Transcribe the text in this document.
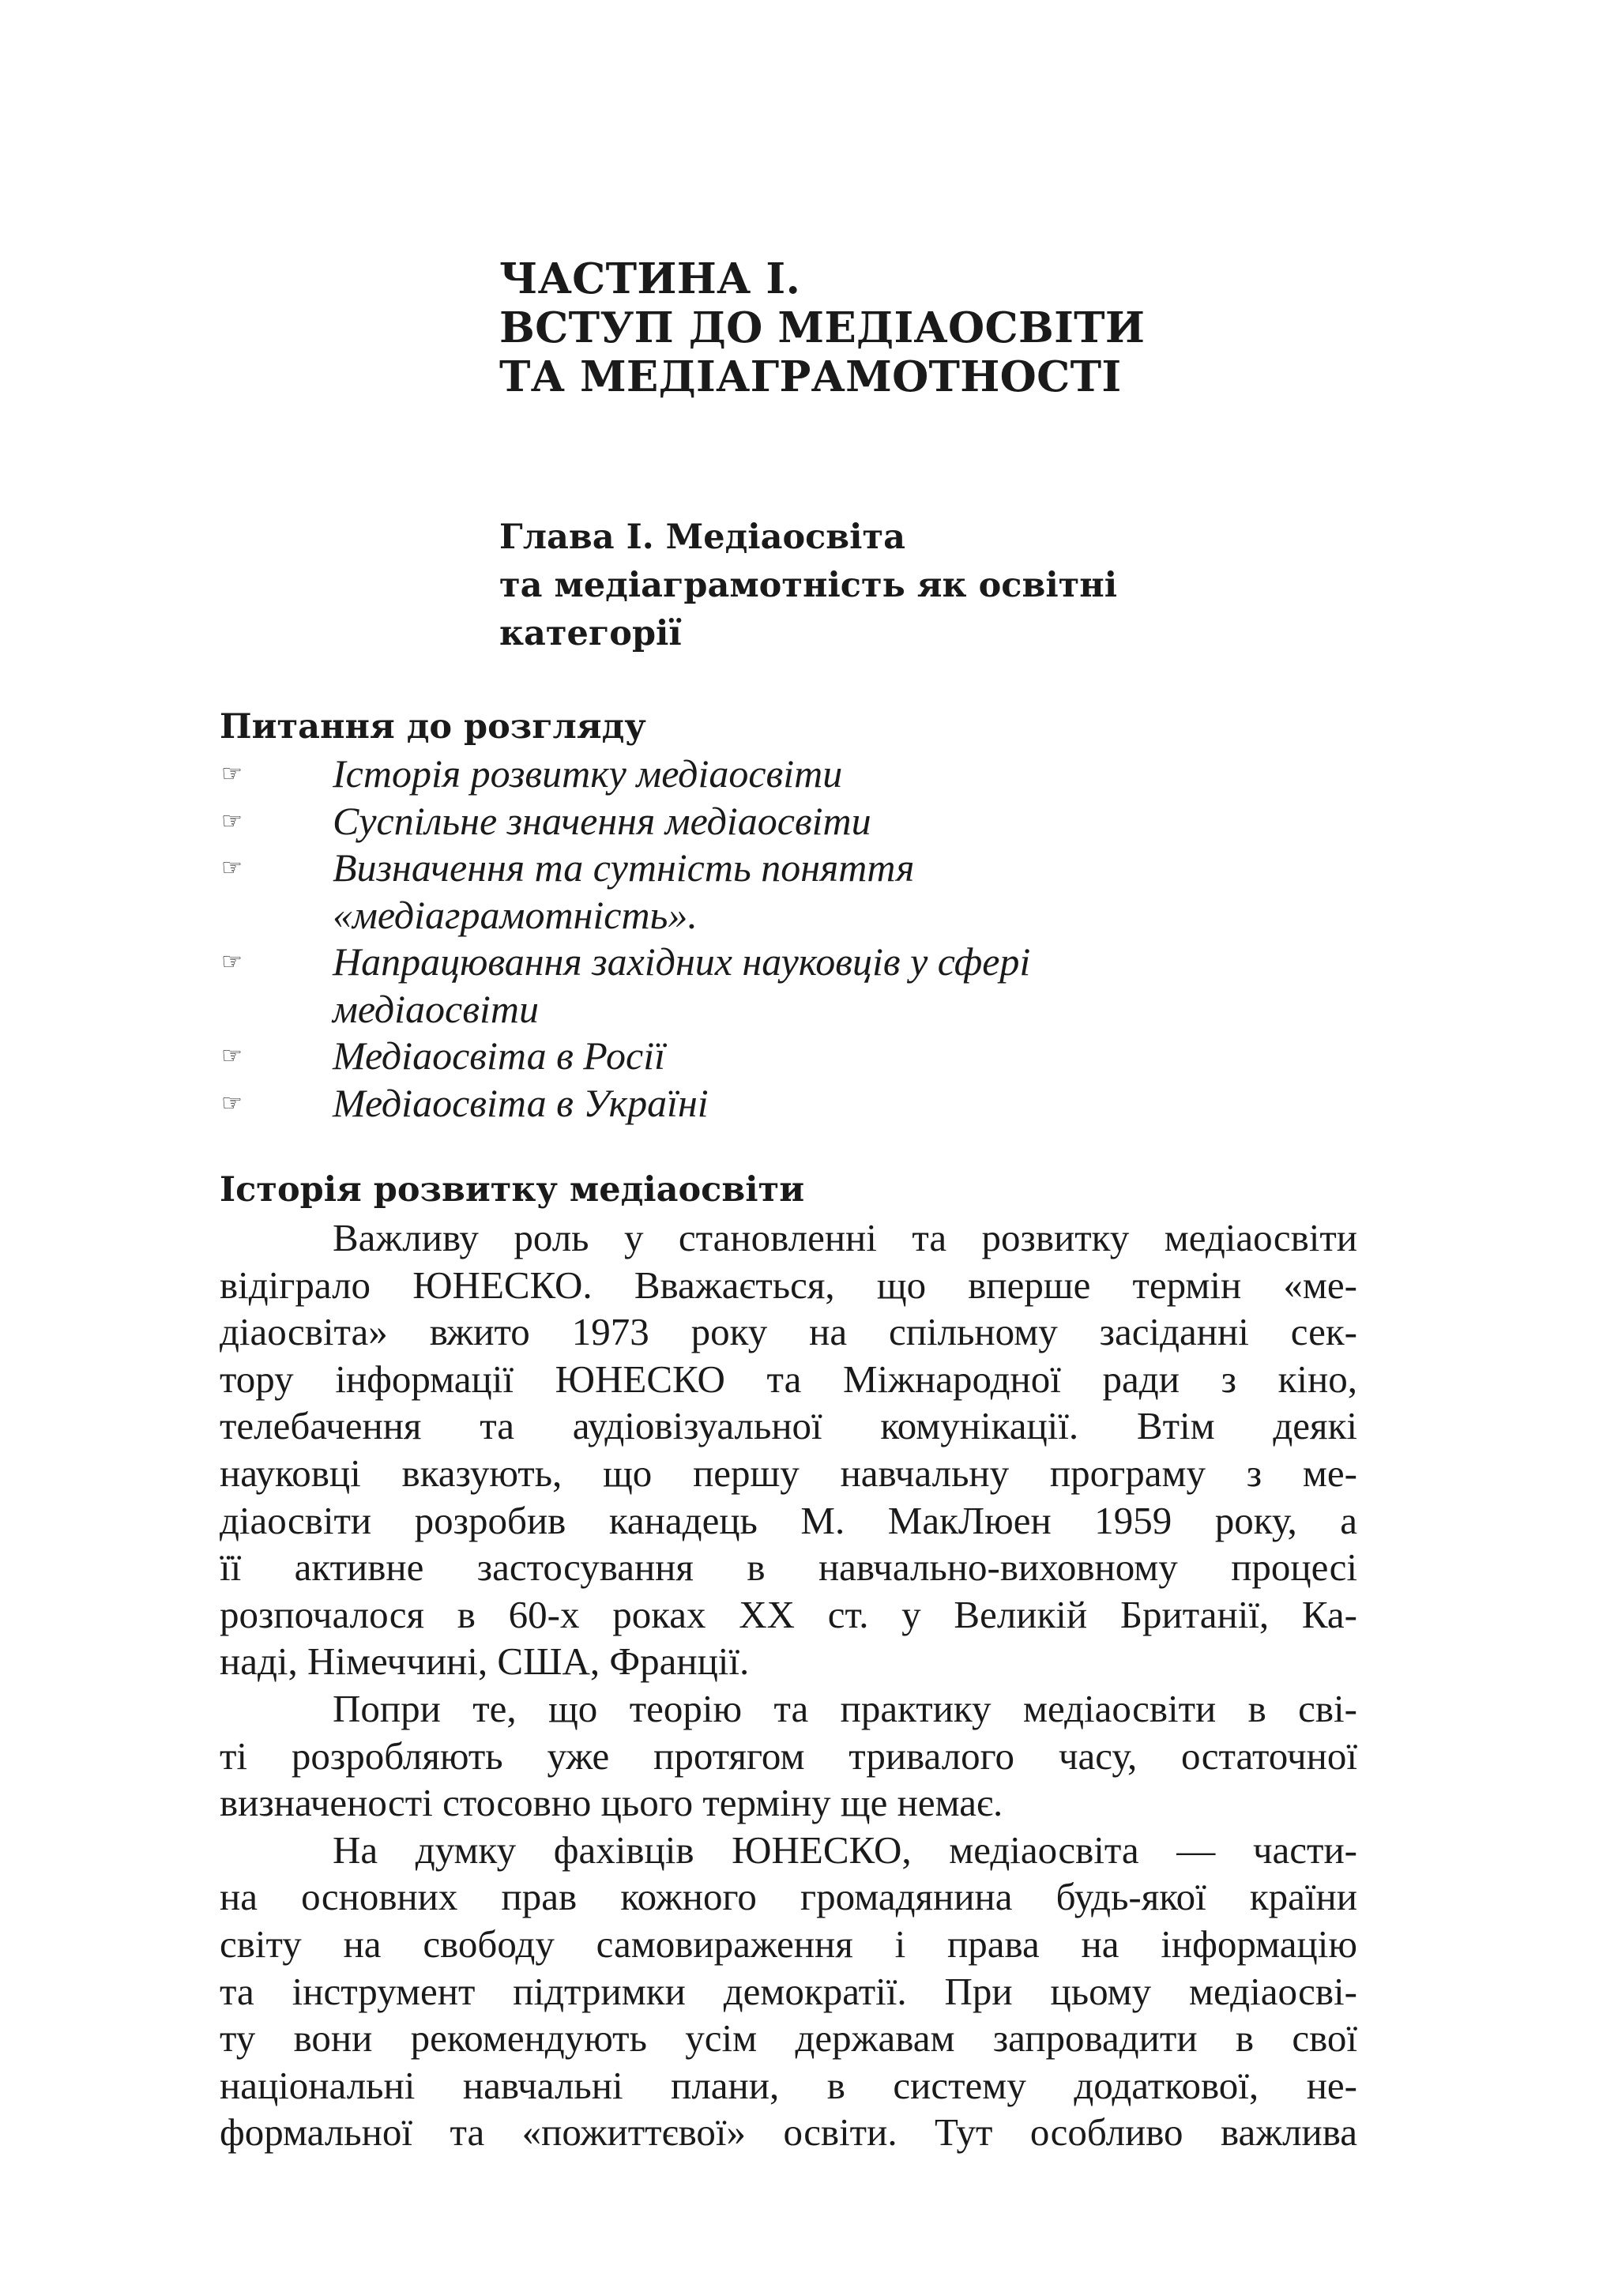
ЧАСТИНА І.
ВСТУП ДО МЕДІАОСВІТИ
ТА МЕДІАГРАМОТНОСТІ
Глава I. Медіаосвіта
та медіаграмотність як освітні
категорії
Питання до розгляду
☞ Історія розвитку медіаосвіти
☞ Суспільне значення медіаосвіти
☞ Визначення та сутність поняття
«медіаграмотність».
☞ Напрацювання західних науковців у сфері
медіаосвіти
☞ Медіаосвіта в Росії
☞ Медіаосвіта в Україні
Історія розвитку медіаосвіти
Важливу роль у становленні та розвитку медіаосвіти
відіграло ЮНЕСКО. Вважається, що вперше термін «ме-
діаосвіта» вжито 1973 року на спільному засіданні сек-
тору інформації ЮНЕСКО та Міжнародної ради з кіно,
телебачення та аудіовізуальної комунікації. Втім деякі
науковці вказують, що першу навчальну програму з ме-
діаосвіти розробив канадець М. МакЛюен 1959 року, а
її активне застосування в навчально-виховному процесі
розпочалося в 60-х роках XX ст. у Великій Британії, Ка-
наді, Німеччині, США, Франції.
Попри те, що теорію та практику медіаосвіти в сві-
ті розробляють уже протягом тривалого часу, остаточної
визначеності стосовно цього терміну ще немає.
На думку фахівців ЮНЕСКО, медіаосвіта — части-
на основних прав кожного громадянина будь-якої країни
світу на свободу самовираження і права на інформацію
та інструмент підтримки демократії. При цьому медіаосві-
ту вони рекомендують усім державам запровадити в свої
національні навчальні плани, в систему додаткової, не-
формальної та «пожиттєвої» освіти. Тут особливо важлива
